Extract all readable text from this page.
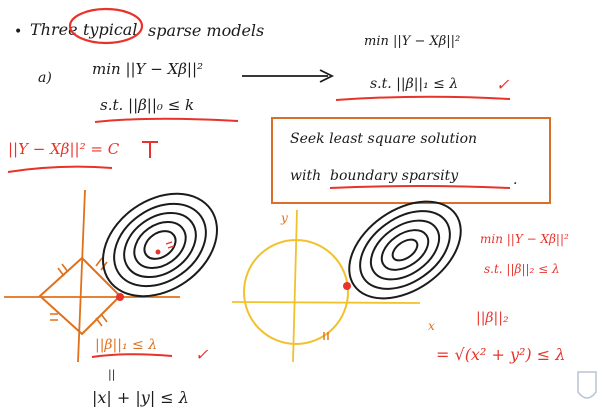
• Three typical sparse models
a)	min ||Y − Xβ||²
s.t. ||β||₀ ≤ k
min ||Y − Xβ||²
s.t. ||β||₁ ≤ λ ✓
||Y − Xβ||² = C
Seek least square solution
with boundary sparsity	.
||β||₁ ≤ λ ✓
||
|x| + |y| ≤ λ
y
x
min ||Y − Xβ||²
s.t. ||β||₂ ≤ λ
||β||₂
= √(x² + y²) ≤ λ
